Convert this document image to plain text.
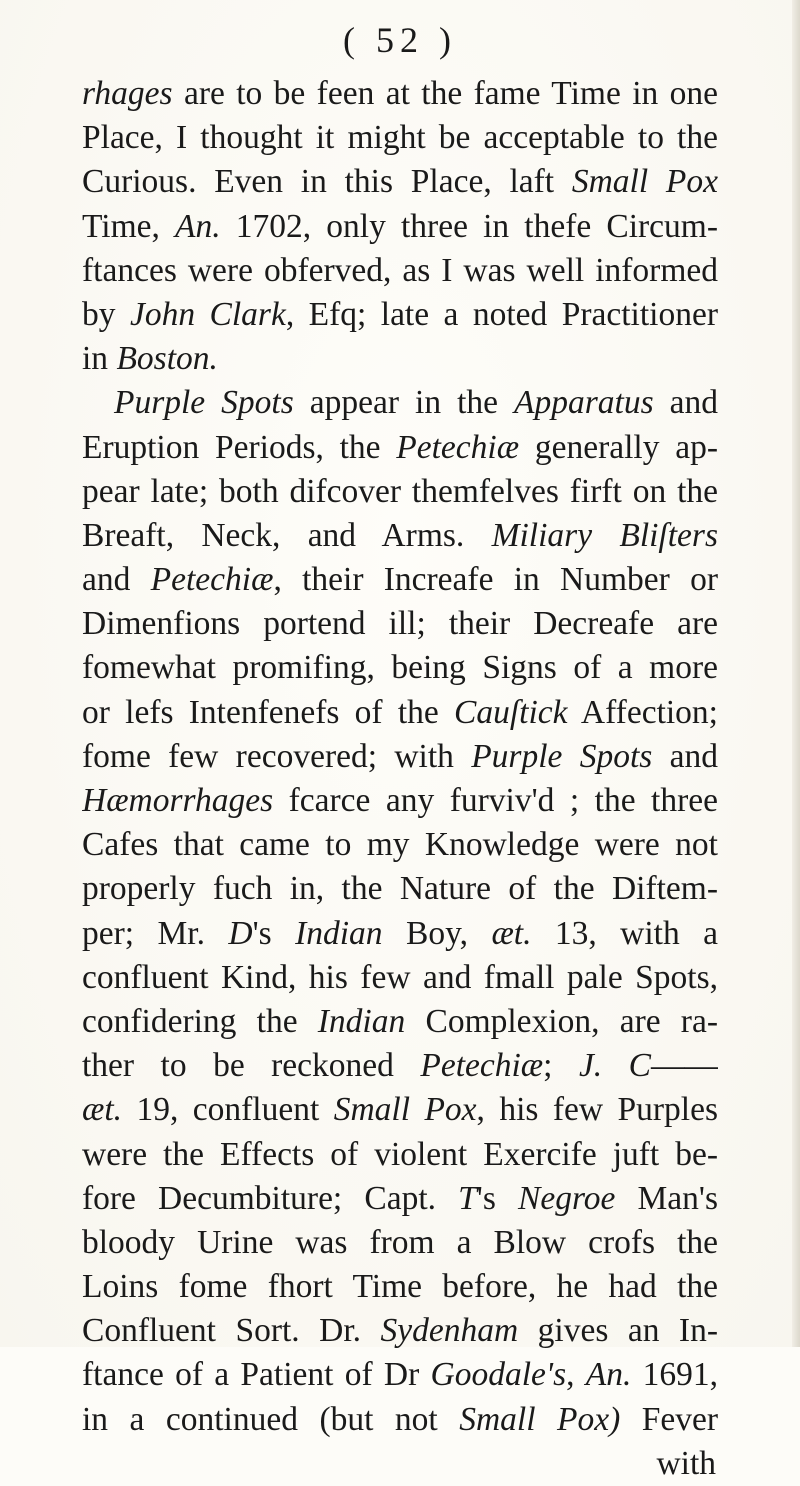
( 52 )
rhages are to be feen at the fame Time in one
Place, I thought it might be acceptable to the
Curious. Even in this Place, laft Small Pox
Time, An. 1702, only three in thefe Circum-
ftances were obferved, as I was well informed
by John Clark, Efq; late a noted Practitioner
in Boston.
Purple Spots appear in the Apparatus and
Eruption Periods, the Petechiæ generally ap-
pear late; both difcover themfelves firft on the
Breaft, Neck, and Arms. Miliary Bliſters
and Petechiæ, their Increafe in Number or
Dimenfions portend ill; their Decreafe are
fomewhat promifing, being Signs of a more
or lefs Intenfenefs of the Cauſtick Affection;
fome few recovered; with Purple Spots and
Hæmorrhages fcarce any furviv'd ; the three
Cafes that came to my Knowledge were not
properly fuch in, the Nature of the Diftem-
per; Mr. D's Indian Boy, æt. 13, with a
confluent Kind, his few and fmall pale Spots,
confidering the Indian Complexion, are ra-
ther to be reckoned Petechiæ; J. C——
æt. 19, confluent Small Pox, his few Purples
were the Effects of violent Exercife juft be-
fore Decumbiture; Capt. T's Negroe Man's
bloody Urine was from a Blow crofs the
Loins fome fhort Time before, he had the
Confluent Sort. Dr. Sydenham gives an In-
ftance of a Patient of Dr Goodale's, An. 1691,
in a continued (but not Small Pox) Fever
with
